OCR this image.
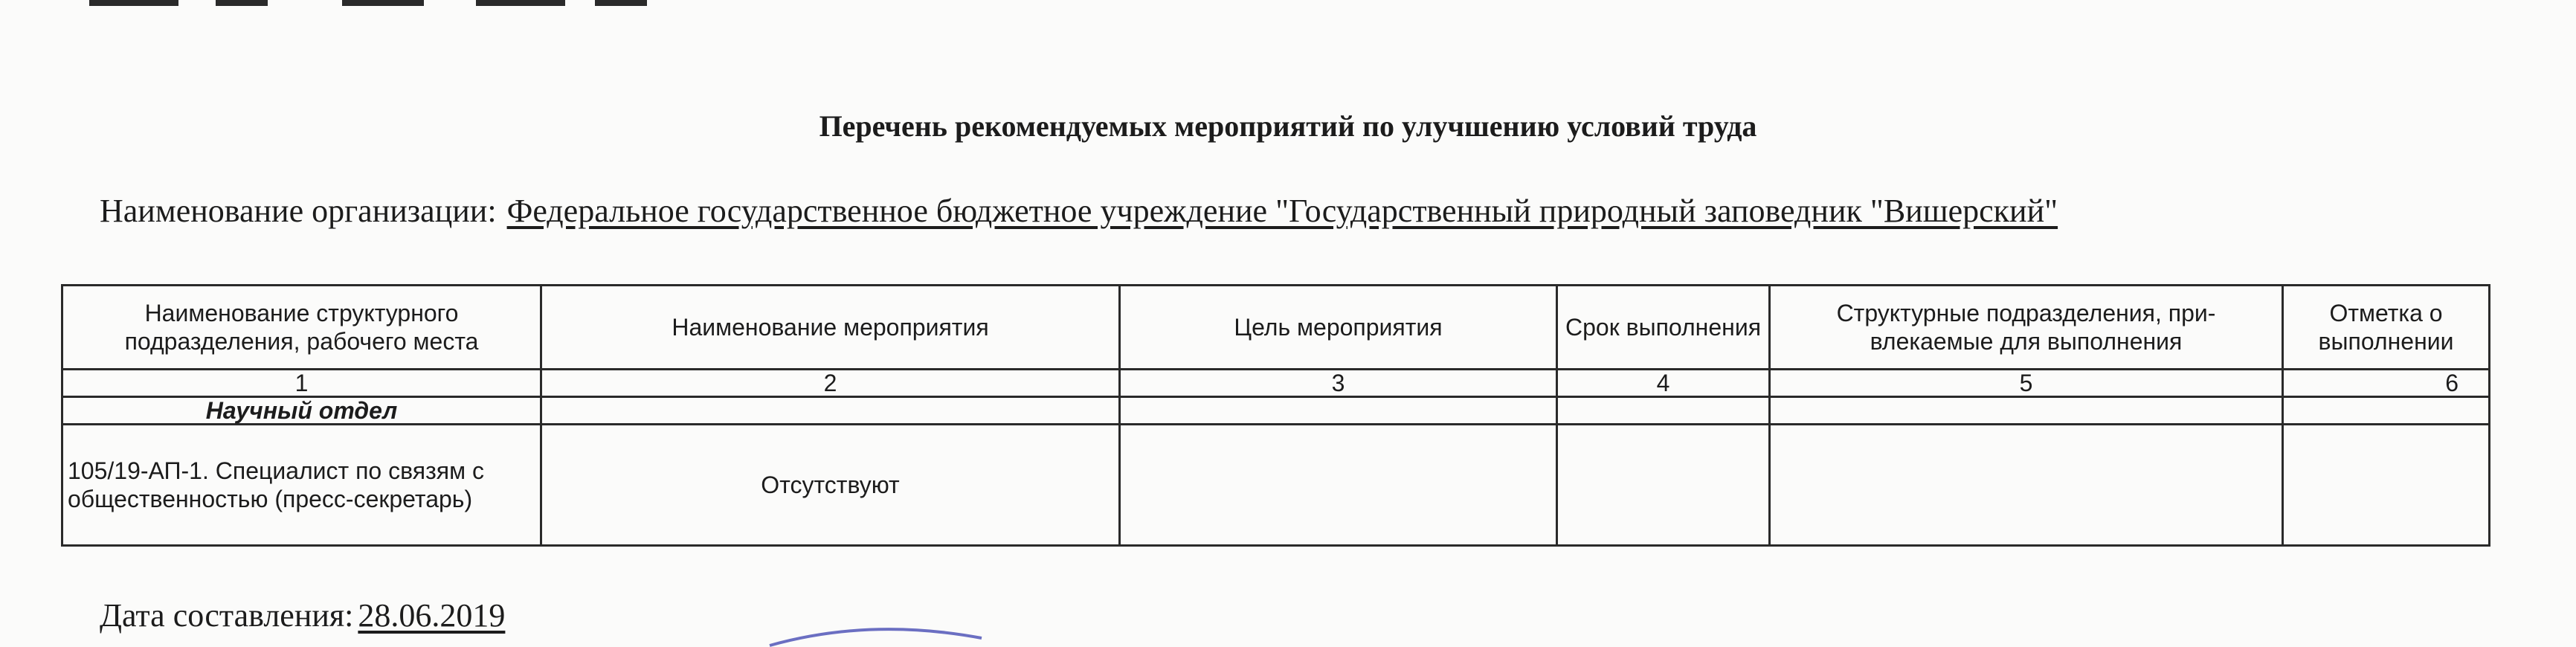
Перечень рекомендуемых мероприятий по улучшению условий труда
Наименование организации: Федеральное государственное бюджетное учреждение "Государственный природный заповедник "Вишерский"
Наименование структурного подразделения, рабочего места	Наименование мероприятия	Цель мероприятия	Срок выполнения	Структурные подразделения, при-влекаемые для выполнения	Отметка о выполнении
1	2	3	4	5	6
Научный отдел					
105/19-АП-1. Специалист по связям с общественностью (пресс-секретарь)	Отсутствуют				
Дата составления: 28.06.2019
